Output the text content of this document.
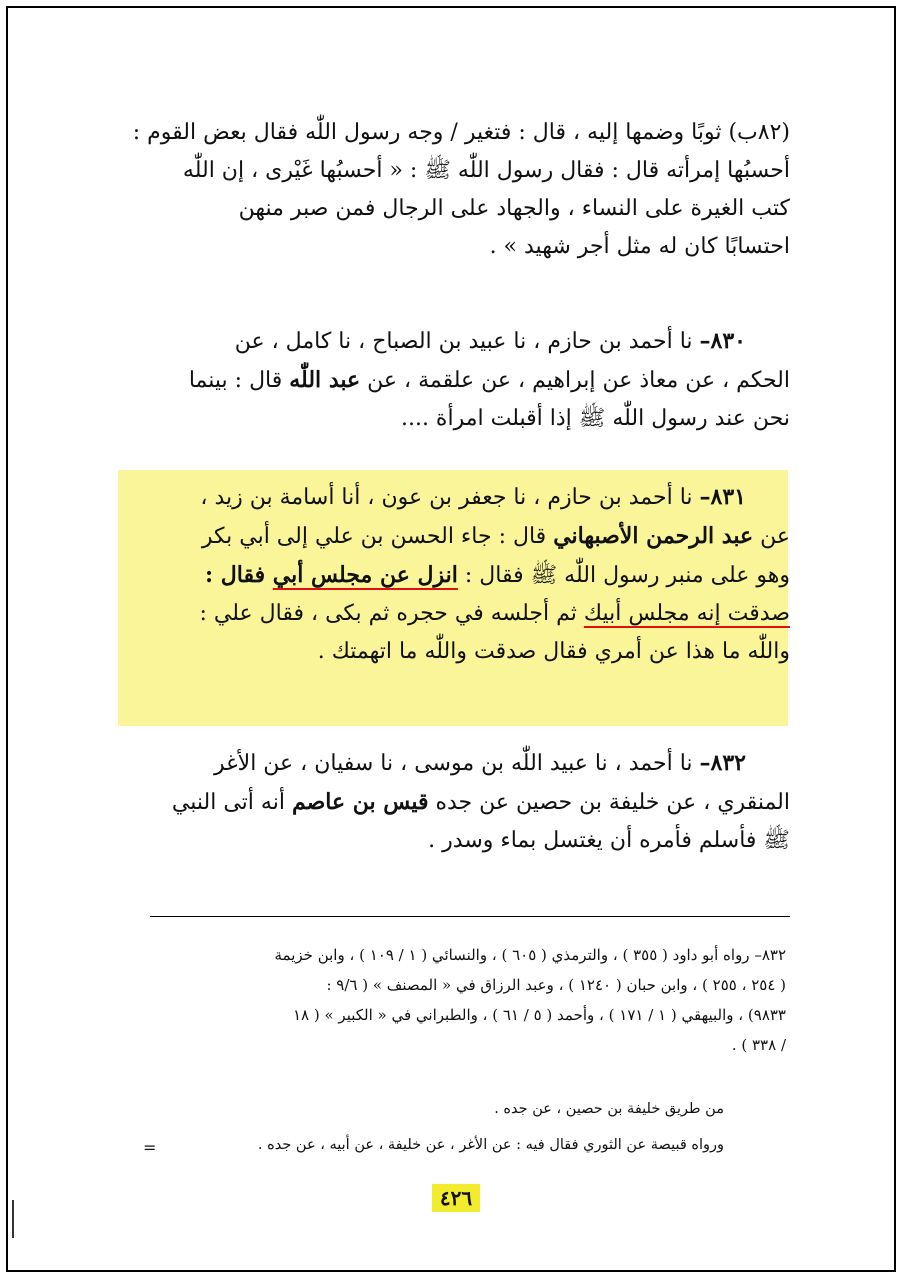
(٨٢ب) ثوبًا وضمها إليه ، قال : فتغير / وجه رسول اللّٰه فقال بعض القوم :

أحسبُها إمرأته قال : فقال رسول اللّٰه ﷺ : « أحسبُها غَيْرى ، إن اللّٰه

كتب الغيرة على النساء ، والجهاد على الرجال فمن صبر منهن

احتسابًا كان له مثل أجر شهيد » .

  ٨٣٠– نا أحمد بن حازم ، نا عبيد بن الصباح ، نا كامل ، عن

الحكم ، عن معاذ عن إبراهيم ، عن علقمة ، عن عبد اللّٰه قال : بينما

نحن عند رسول اللّٰه ﷺ إذا أقبلت امرأة ....

  ٨٣١– نا أحمد بن حازم ، نا جعفر بن عون ، أنا أسامة بن زيد ،

عن عبد الرحمن الأصبهاني قال : جاء الحسن بن علي إلى أبي بكر

وهو على منبر رسول اللّٰه ﷺ فقال : انزل عن مجلس أبي فقال :

صدقت إنه مجلس أبيك ثم أجلسه في حجره ثم بكى ، فقال علي :

واللّٰه ما هذا عن أمري فقال صدقت واللّٰه ما اتهمتك .

  ٨٣٢– نا أحمد ، نا عبيد اللّٰه بن موسى ، نا سفيان ، عن الأغر

المنقري ، عن خليفة بن حصين عن جده قيس بن عاصم أنه أتى النبي

ﷺ فأسلم فأمره أن يغتسل بماء وسدر .

٨٣٢– رواه أبو داود ( ٣٥٥ ) ، والترمذي ( ٦٠٥ ) ، والنسائي ( ١ / ١٠٩ ) ، وابن خزيمة
( ٢٥٤ ، ٢٥٥ ) ، وابن حبان ( ١٢٤٠ ) ، وعبد الرزاق في « المصنف » ( ٩/٦ :
٩٨٣٣) ، والبيهقي ( ١ / ١٧١ ) ، وأحمد ( ٥ / ٦١ ) ، والطبراني في « الكبير » ( ١٨
/ ٣٣٨ ) .
من طريق خليفة بن حصين ، عن جده .
ورواه قبيصة عن الثوري فقال فيه : عن الأغر ، عن خليفة ، عن أبيه ، عن جده .
=
٤٢٦
